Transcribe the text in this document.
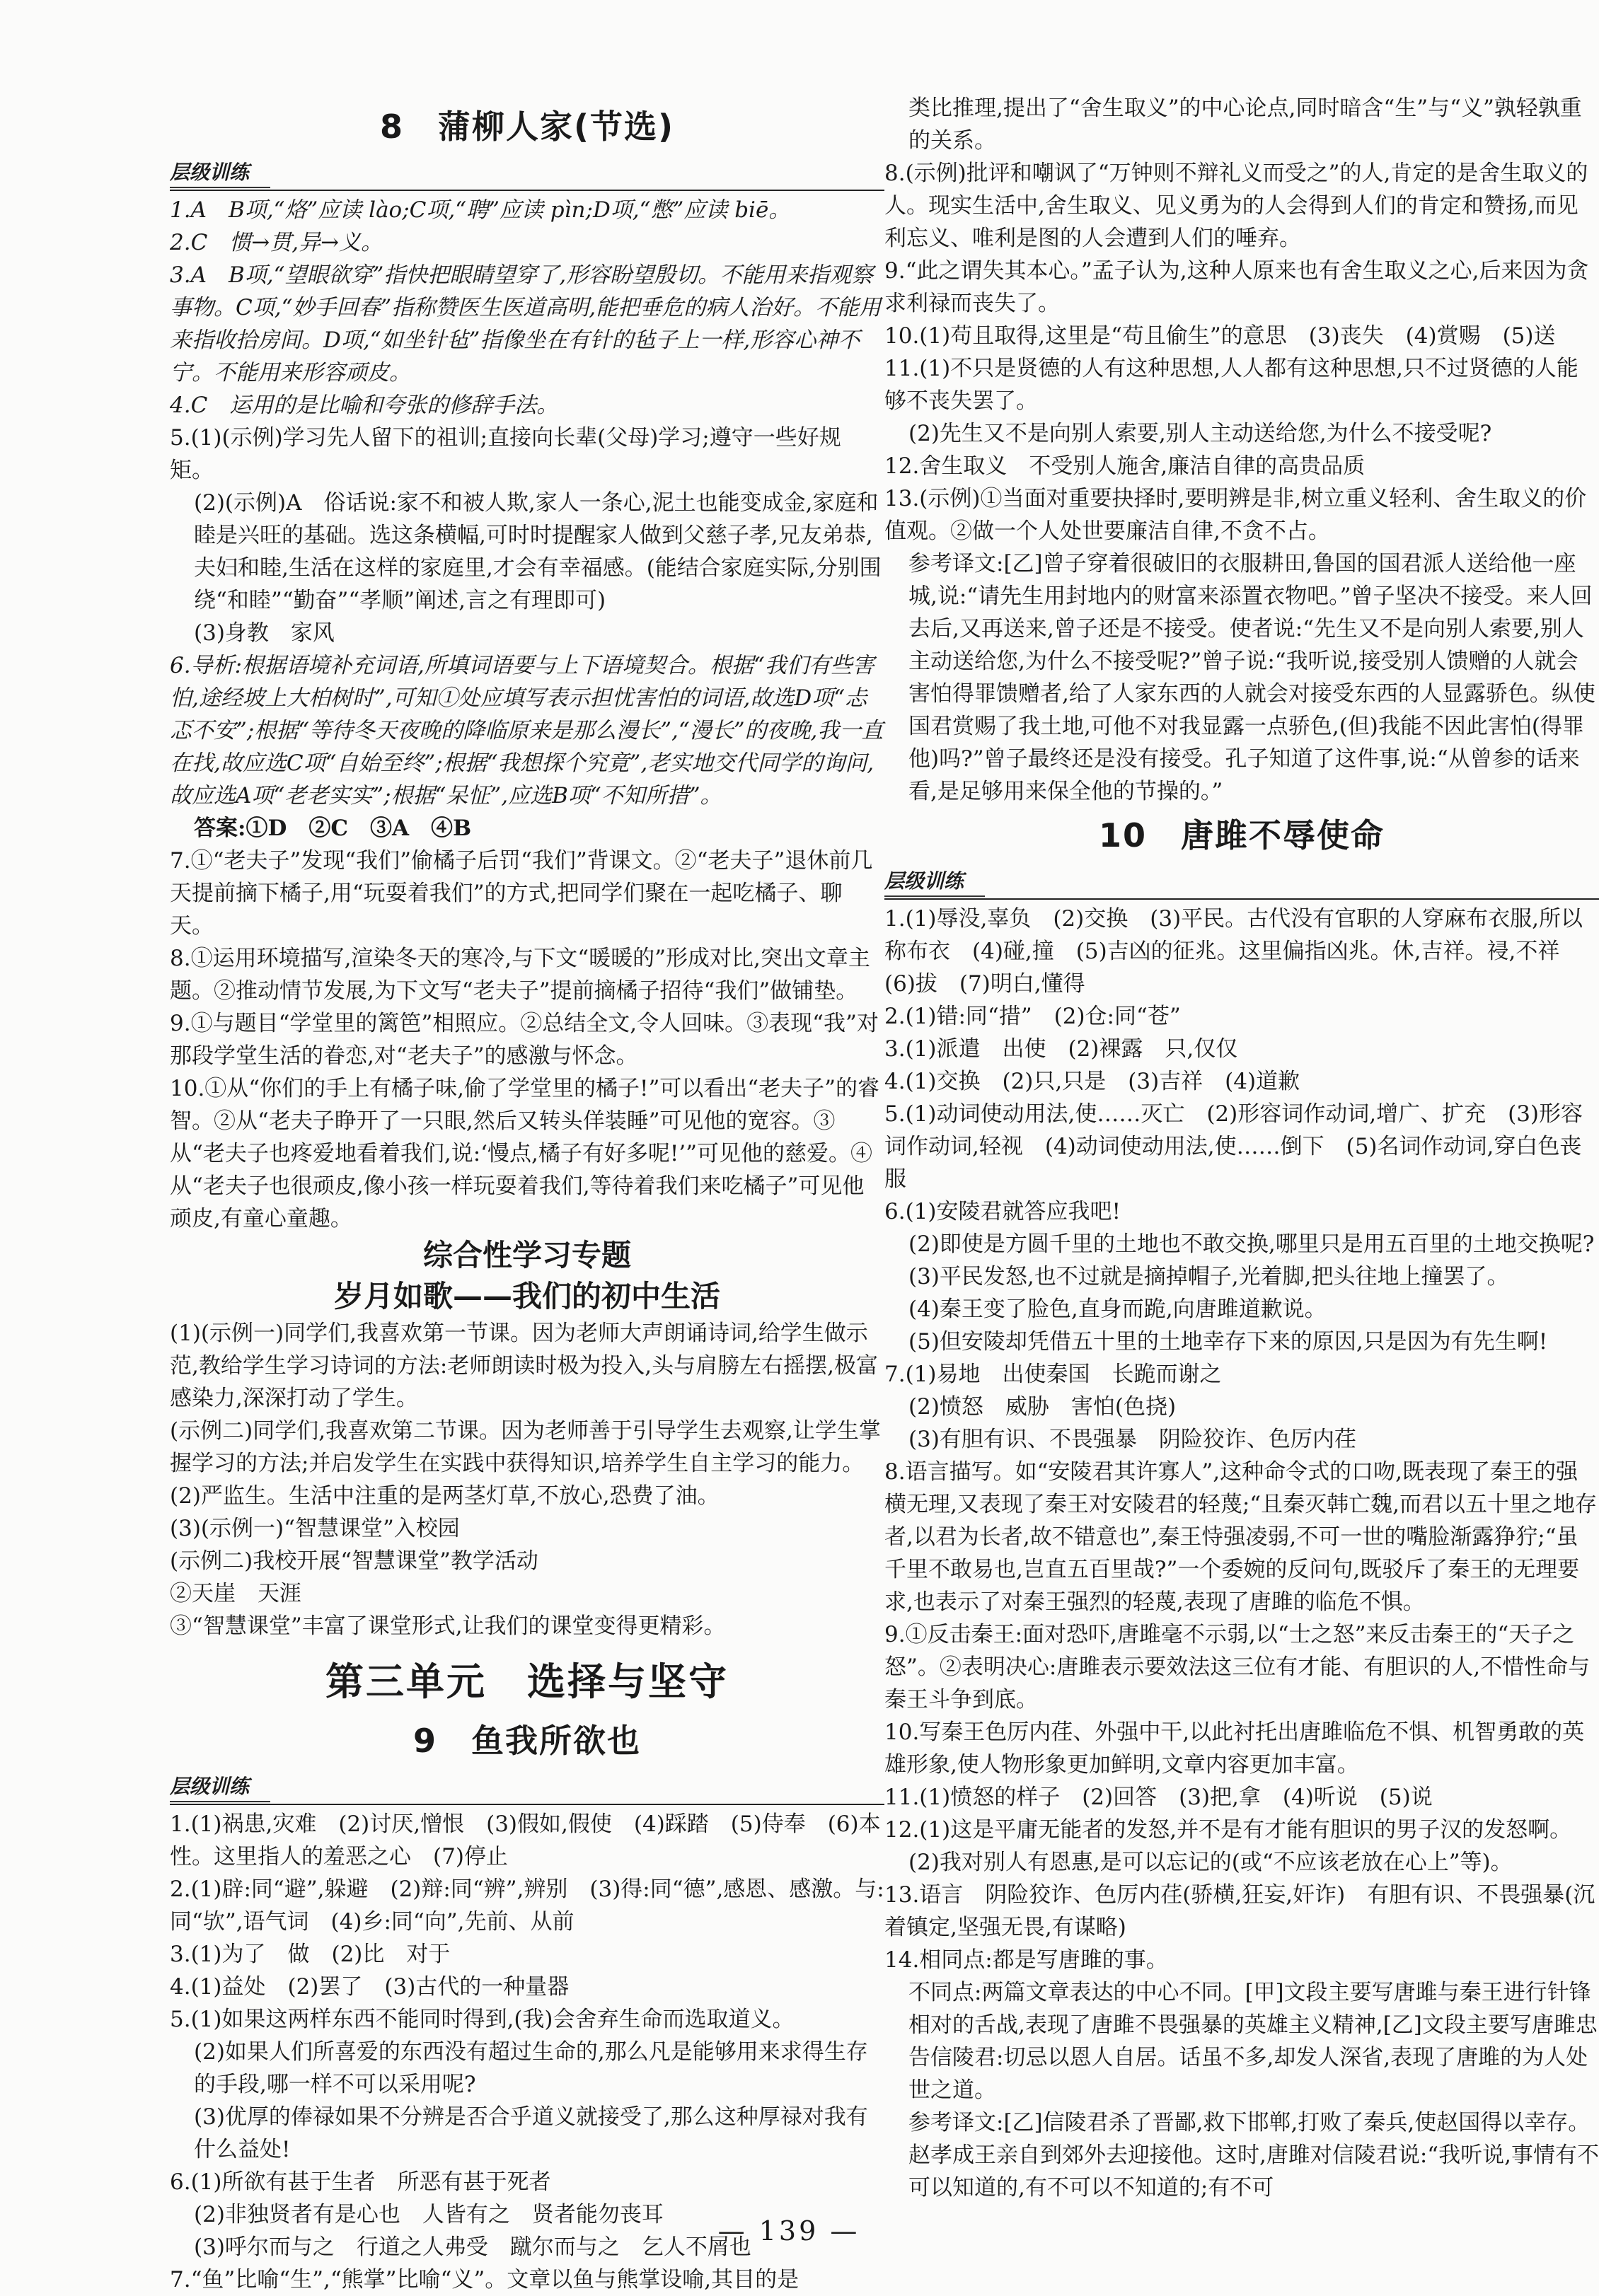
8　蒲柳人家(节选)
层级训练

1.A　B项,“烙”应读 lào;C项,“聘”应读 pìn;D项,“憋”应读 biē。

2.C　惯→贯,异→义。

3.A　B项,“望眼欲穿”指快把眼睛望穿了,形容盼望殷切。不能用来指观察事物。C项,“妙手回春”指称赞医生医道高明,能把垂危的病人治好。不能用来指收拾房间。D项,“如坐针毡”指像坐在有针的毡子上一样,形容心神不宁。不能用来形容顽皮。

4.C　运用的是比喻和夸张的修辞手法。

5.(1)(示例)学习先人留下的祖训;直接向长辈(父母)学习;遵守一些好规矩。

(2)(示例)A　俗话说:家不和被人欺,家人一条心,泥土也能变成金,家庭和睦是兴旺的基础。选这条横幅,可时时提醒家人做到父慈子孝,兄友弟恭,夫妇和睦,生活在这样的家庭里,才会有幸福感。(能结合家庭实际,分别围绕“和睦”“勤奋”“孝顺”阐述,言之有理即可)

(3)身教　家风

6.导析:根据语境补充词语,所填词语要与上下语境契合。根据“我们有些害怕,途经坡上大柏树时”,可知①处应填写表示担忧害怕的词语,故选D项“忐忑不安”;根据“等待冬天夜晚的降临原来是那么漫长”,“漫长”的夜晚,我一直在找,故应选C项“自始至终”;根据“我想探个究竟”,老实地交代同学的询问,故应选A项“老老实实”;根据“呆怔”,应选B项“不知所措”。

答案:①D　②C　③A　④B

7.①“老夫子”发现“我们”偷橘子后罚“我们”背课文。②“老夫子”退休前几天提前摘下橘子,用“玩耍着我们”的方式,把同学们聚在一起吃橘子、聊天。

8.①运用环境描写,渲染冬天的寒冷,与下文“暖暖的”形成对比,突出文章主题。②推动情节发展,为下文写“老夫子”提前摘橘子招待“我们”做铺垫。

9.①与题目“学堂里的篱笆”相照应。②总结全文,令人回味。③表现“我”对那段学堂生活的眷恋,对“老夫子”的感激与怀念。

10.①从“你们的手上有橘子味,偷了学堂里的橘子!”可以看出“老夫子”的睿智。②从“老夫子睁开了一只眼,然后又转头佯装睡”可见他的宽容。③从“老夫子也疼爱地看着我们,说:‘慢点,橘子有好多呢!’”可见他的慈爱。④从“老夫子也很顽皮,像小孩一样玩耍着我们,等待着我们来吃橘子”可见他顽皮,有童心童趣。

综合性学习专题
岁月如歌——我们的初中生活

(1)(示例一)同学们,我喜欢第一节课。因为老师大声朗诵诗词,给学生做示范,教给学生学习诗词的方法:老师朗读时极为投入,头与肩膀左右摇摆,极富感染力,深深打动了学生。

(示例二)同学们,我喜欢第二节课。因为老师善于引导学生去观察,让学生掌握学习的方法;并启发学生在实践中获得知识,培养学生自主学习的能力。

(2)严监生。生活中注重的是两茎灯草,不放心,恐费了油。

(3)(示例一)“智慧课堂”入校园

(示例二)我校开展“智慧课堂”教学活动

②天崖　天涯

③“智慧课堂”丰富了课堂形式,让我们的课堂变得更精彩。

第三单元　选择与坚守
9　鱼我所欲也
层级训练

1.(1)祸患,灾难　(2)讨厌,憎恨　(3)假如,假使　(4)踩踏　(5)侍奉　(6)本性。这里指人的羞恶之心　(7)停止

2.(1)辟:同“避”,躲避　(2)辩:同“辨”,辨别　(3)得:同“德”,感恩、感激。与:同“欤”,语气词　(4)乡:同“向”,先前、从前

3.(1)为了　做　(2)比　对于

4.(1)益处　(2)罢了　(3)古代的一种量器

5.(1)如果这两样东西不能同时得到,(我)会舍弃生命而选取道义。

(2)如果人们所喜爱的东西没有超过生命的,那么凡是能够用来求得生存的手段,哪一样不可以采用呢?

(3)优厚的俸禄如果不分辨是否合乎道义就接受了,那么这种厚禄对我有什么益处!

6.(1)所欲有甚于生者　所恶有甚于死者

(2)非独贤者有是心也　人皆有之　贤者能勿丧耳

(3)呼尔而与之　行道之人弗受　蹴尔而与之　乞人不屑也

7.“鱼”比喻“生”,“熊掌”比喻“义”。文章以鱼与熊掌设喻,其目的是

类比推理,提出了“舍生取义”的中心论点,同时暗含“生”与“义”孰轻孰重的关系。

8.(示例)批评和嘲讽了“万钟则不辩礼义而受之”的人,肯定的是舍生取义的人。现实生活中,舍生取义、见义勇为的人会得到人们的肯定和赞扬,而见利忘义、唯利是图的人会遭到人们的唾弃。

9.“此之谓失其本心。”孟子认为,这种人原来也有舍生取义之心,后来因为贪求利禄而丧失了。

10.(1)苟且取得,这里是“苟且偷生”的意思　(3)丧失　(4)赏赐　(5)送

11.(1)不只是贤德的人有这种思想,人人都有这种思想,只不过贤德的人能够不丧失罢了。

(2)先生又不是向别人索要,别人主动送给您,为什么不接受呢?

12.舍生取义　不受别人施舍,廉洁自律的高贵品质

13.(示例)①当面对重要抉择时,要明辨是非,树立重义轻利、舍生取义的价值观。②做一个人处世要廉洁自律,不贪不占。

参考译文:[乙]曾子穿着很破旧的衣服耕田,鲁国的国君派人送给他一座城,说:“请先生用封地内的财富来添置衣物吧。”曾子坚决不接受。来人回去后,又再送来,曾子还是不接受。使者说:“先生又不是向别人索要,别人主动送给您,为什么不接受呢?”曾子说:“我听说,接受别人馈赠的人就会害怕得罪馈赠者,给了人家东西的人就会对接受东西的人显露骄色。纵使国君赏赐了我土地,可他不对我显露一点骄色,(但)我能不因此害怕(得罪他)吗?”曾子最终还是没有接受。孔子知道了这件事,说:“从曾参的话来看,是足够用来保全他的节操的。”

10　唐雎不辱使命
层级训练

1.(1)辱没,辜负　(2)交换　(3)平民。古代没有官职的人穿麻布衣服,所以称布衣　(4)碰,撞　(5)吉凶的征兆。这里偏指凶兆。休,吉祥。祲,不祥　(6)拔　(7)明白,懂得

2.(1)错:同“措”　(2)仓:同“苍”

3.(1)派遣　出使　(2)裸露　只,仅仅

4.(1)交换　(2)只,只是　(3)吉祥　(4)道歉

5.(1)动词使动用法,使……灭亡　(2)形容词作动词,增广、扩充　(3)形容词作动词,轻视　(4)动词使动用法,使……倒下　(5)名词作动词,穿白色丧服

6.(1)安陵君就答应我吧!

(2)即使是方圆千里的土地也不敢交换,哪里只是用五百里的土地交换呢?

(3)平民发怒,也不过就是摘掉帽子,光着脚,把头往地上撞罢了。

(4)秦王变了脸色,直身而跪,向唐雎道歉说。

(5)但安陵却凭借五十里的土地幸存下来的原因,只是因为有先生啊!

7.(1)易地　出使秦国　长跪而谢之

(2)愤怒　威胁　害怕(色挠)

(3)有胆有识、不畏强暴　阴险狡诈、色厉内荏

8.语言描写。如“安陵君其许寡人”,这种命令式的口吻,既表现了秦王的强横无理,又表现了秦王对安陵君的轻蔑;“且秦灭韩亡魏,而君以五十里之地存者,以君为长者,故不错意也”,秦王恃强凌弱,不可一世的嘴脸渐露狰狞;“虽千里不敢易也,岂直五百里哉?”一个委婉的反问句,既驳斥了秦王的无理要求,也表示了对秦王强烈的轻蔑,表现了唐雎的临危不惧。

9.①反击秦王:面对恐吓,唐雎毫不示弱,以“士之怒”来反击秦王的“天子之怒”。②表明决心:唐雎表示要效法这三位有才能、有胆识的人,不惜性命与秦王斗争到底。

10.写秦王色厉内荏、外强中干,以此衬托出唐雎临危不惧、机智勇敢的英雄形象,使人物形象更加鲜明,文章内容更加丰富。

11.(1)愤怒的样子　(2)回答　(3)把,拿　(4)听说　(5)说

12.(1)这是平庸无能者的发怒,并不是有才能有胆识的男子汉的发怒啊。

(2)我对别人有恩惠,是可以忘记的(或“不应该老放在心上”等)。

13.语言　阴险狡诈、色厉内荏(骄横,狂妄,奸诈)　有胆有识、不畏强暴(沉着镇定,坚强无畏,有谋略)

14.相同点:都是写唐雎的事。

不同点:两篇文章表达的中心不同。[甲]文段主要写唐雎与秦王进行针锋相对的舌战,表现了唐雎不畏强暴的英雄主义精神,[乙]文段主要写唐雎忠告信陵君:切忌以恩人自居。话虽不多,却发人深省,表现了唐雎的为人处世之道。

参考译文:[乙]信陵君杀了晋鄙,救下邯郸,打败了秦兵,使赵国得以幸存。赵孝成王亲自到郊外去迎接他。这时,唐雎对信陵君说:“我听说,事情有不可以知道的,有不可以不知道的;有不可

— 139 —
